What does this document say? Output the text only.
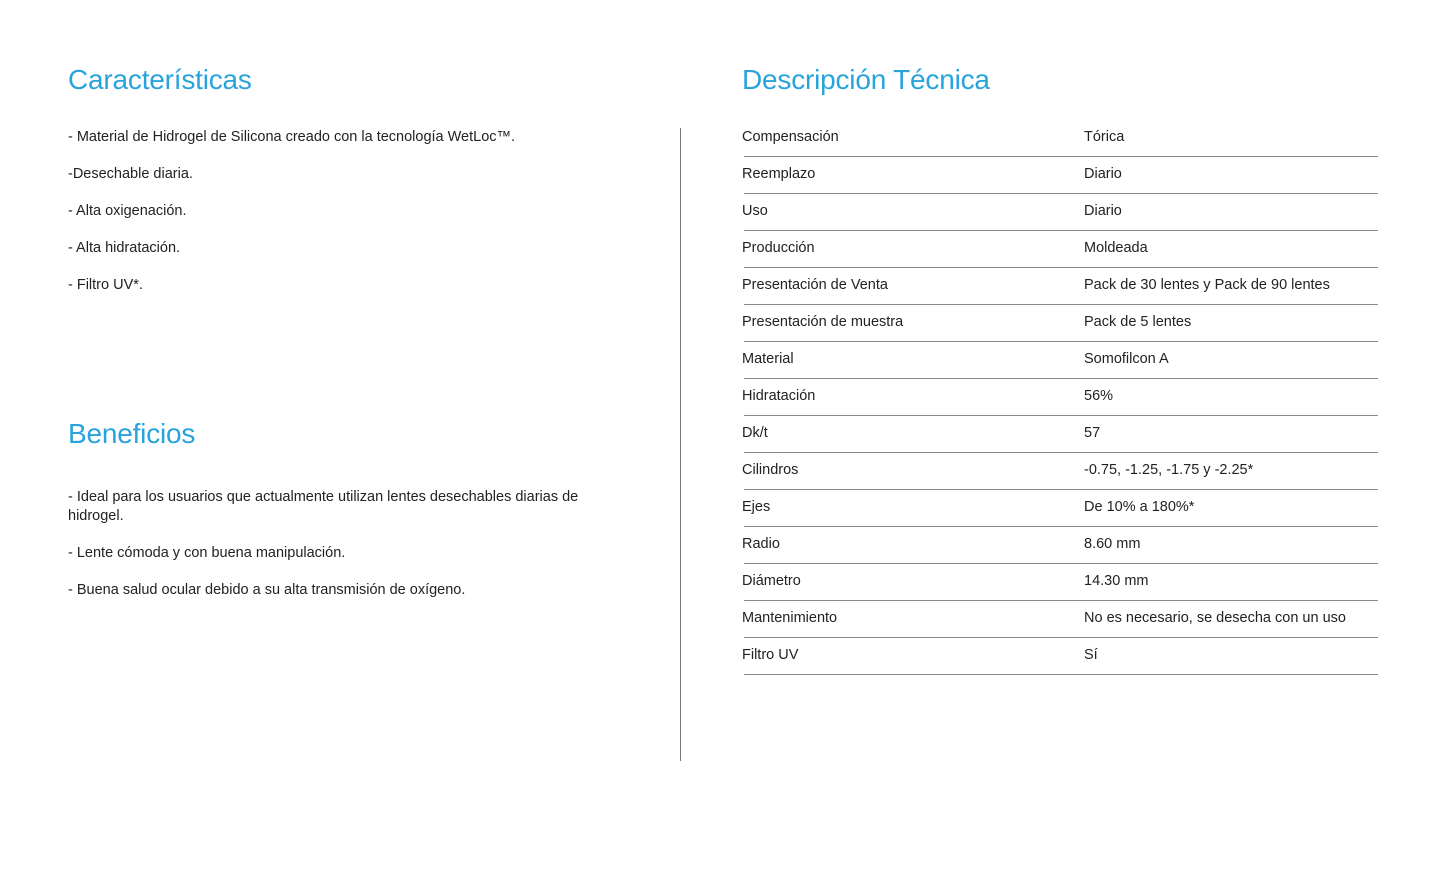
Características
- Material de Hidrogel de Silicona creado con la tecnología WetLoc™.
-Desechable diaria.
- Alta oxigenación.
- Alta hidratación.
- Filtro UV*.
Beneficios
- Ideal para los usuarios que actualmente utilizan lentes desechables diarias de hidrogel.
- Lente cómoda y con buena manipulación.
- Buena salud ocular debido a su alta transmisión de oxígeno.
Descripción Técnica
Compensación	Tórica
Reemplazo	Diario
Uso	Diario
Producción	Moldeada
Presentación de Venta	Pack de 30 lentes y Pack de 90 lentes
Presentación de muestra	Pack de 5 lentes
Material	Somofilcon A
Hidratación	56%
Dk/t	57
Cilindros	-0.75, -1.25, -1.75 y -2.25*
Ejes	De 10% a 180%*
Radio	8.60 mm
Diámetro	14.30 mm
Mantenimiento	No es necesario, se desecha con un uso
Filtro UV	Sí
